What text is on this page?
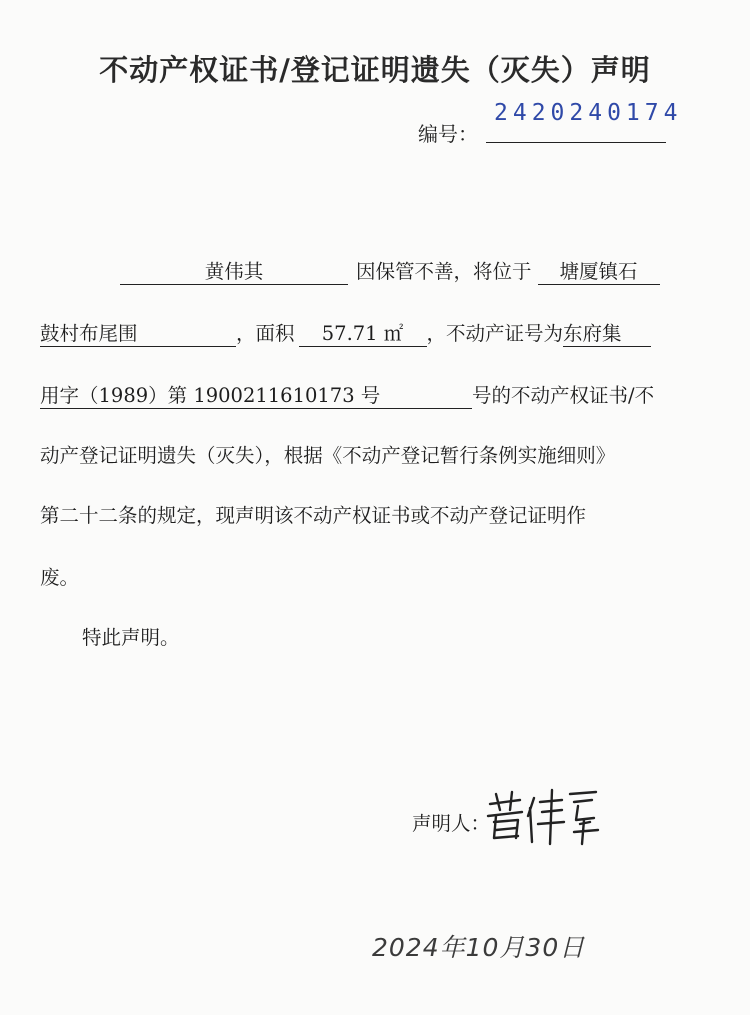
不动产权证书/登记证明遗失（灭失）声明
编号：
2420240174
黄伟其	因保管不善，将位于 塘厦镇石
鼓村布尾围	，面积 57.71 ㎡ ，不动产证号为东府集
用字（1989）第 1900211610173 号	号的不动产权证书/不
动产登记证明遗失（灭失），根据《不动产登记暂行条例实施细则》
第二十二条的规定，现声明该不动产权证书或不动产登记证明作
废。
特此声明。
声明人：
2024年10月30日
